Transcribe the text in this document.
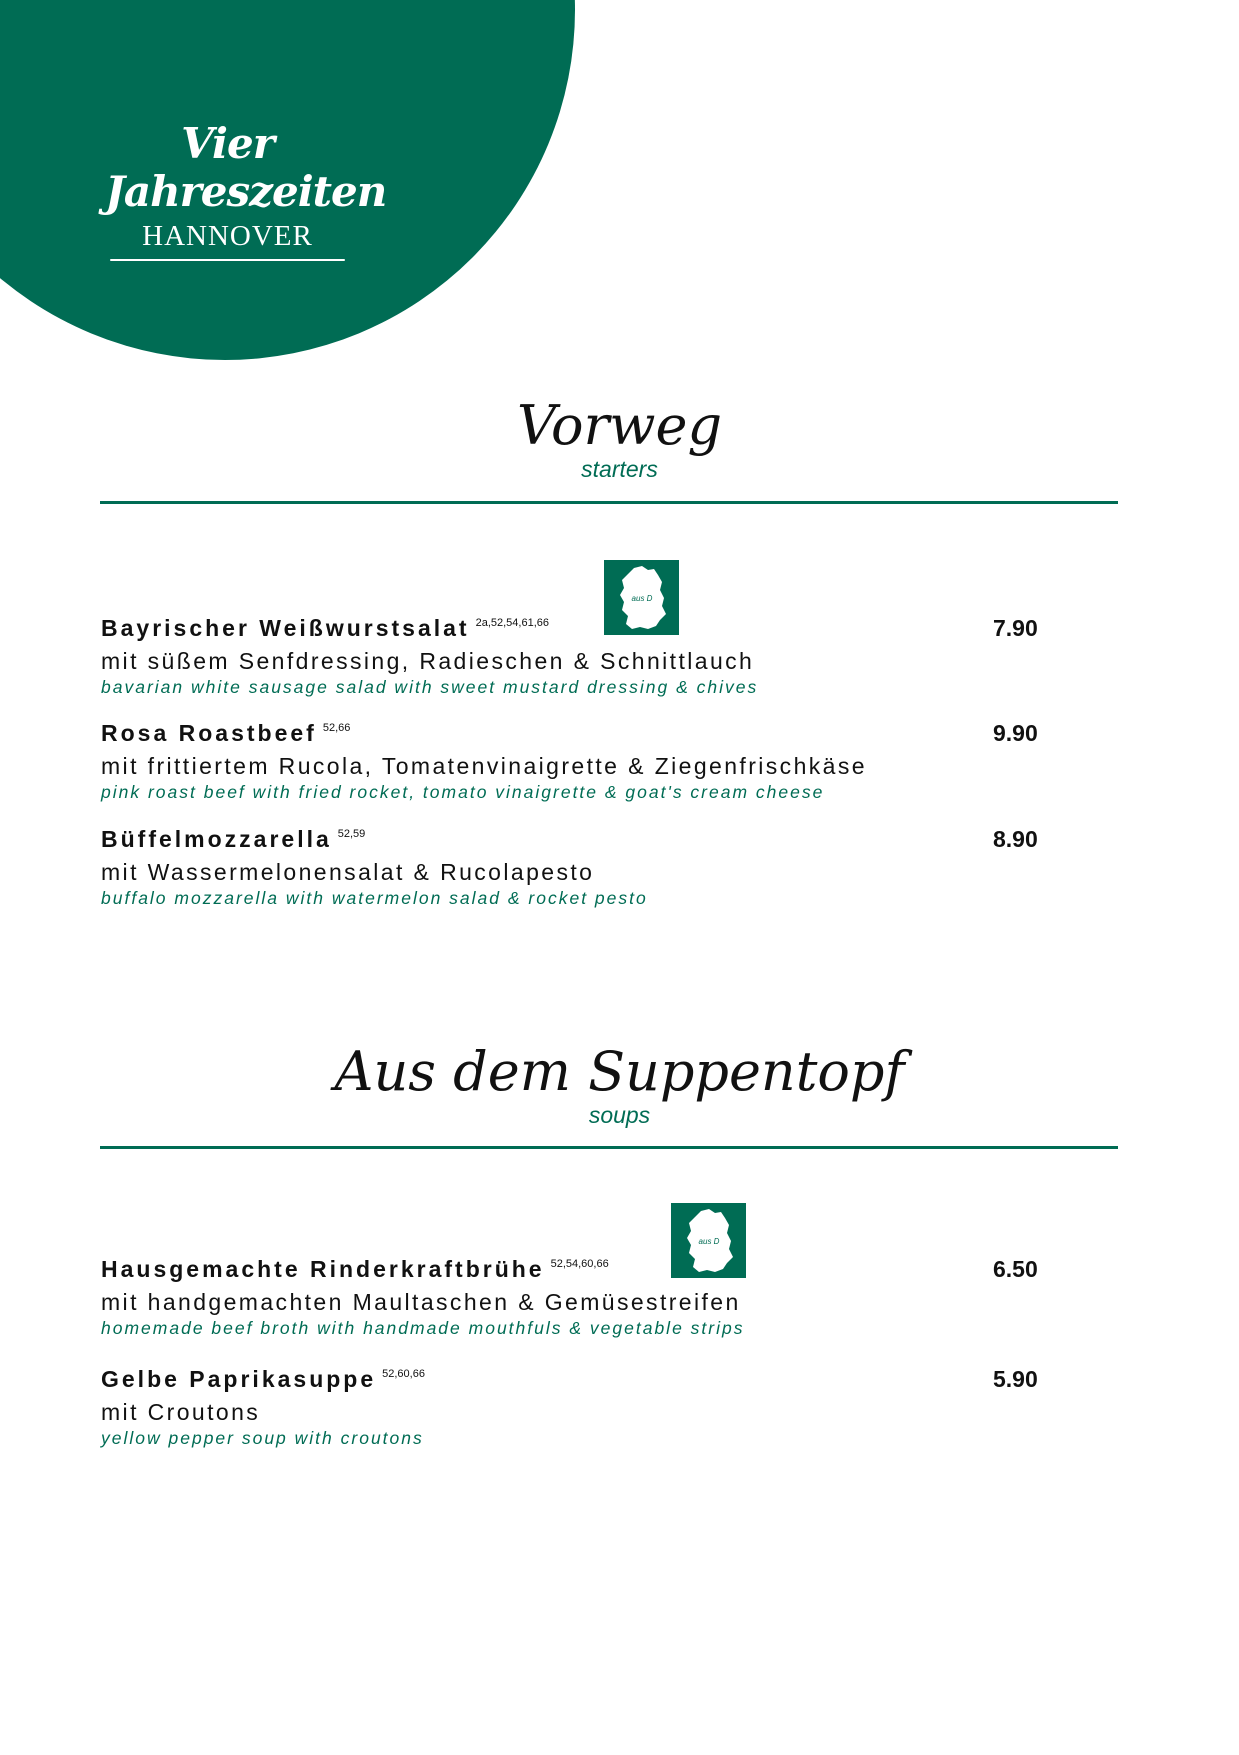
Vier Jahreszeiten
HANNOVER
Vorweg
starters
aus D
Bayrischer Weißwurstsalat $^{2a,52,54,61,66}$
mit süßem Senfdressing, Radieschen & Schnittlauch
bavarian white sausage salad with sweet mustard dressing & chives
7.90
Rosa Roastbeef $^{52,66}$
mit frittiertem Rucola, Tomatenvinaigrette & Ziegenfrischkäse
pink roast beef with fried rocket, tomato vinaigrette & goat's cream cheese
9.90
Büffelmozzarella $^{52,59}$
mit Wassermelonensalat & Rucolapesto
buffalo mozzarella with watermelon salad & rocket pesto
8.90
Aus dem Suppentopf
soups
aus D
Hausgemachte Rinderkraftbrühe $^{52,54,60,66}$
mit handgemachten Maultaschen & Gemüsestreifen
homemade beef broth with handmade mouthfuls & vegetable strips
6.50
Gelbe Paprikasuppe $^{52,60,66}$
mit Croutons
yellow pepper soup with croutons
5.90
